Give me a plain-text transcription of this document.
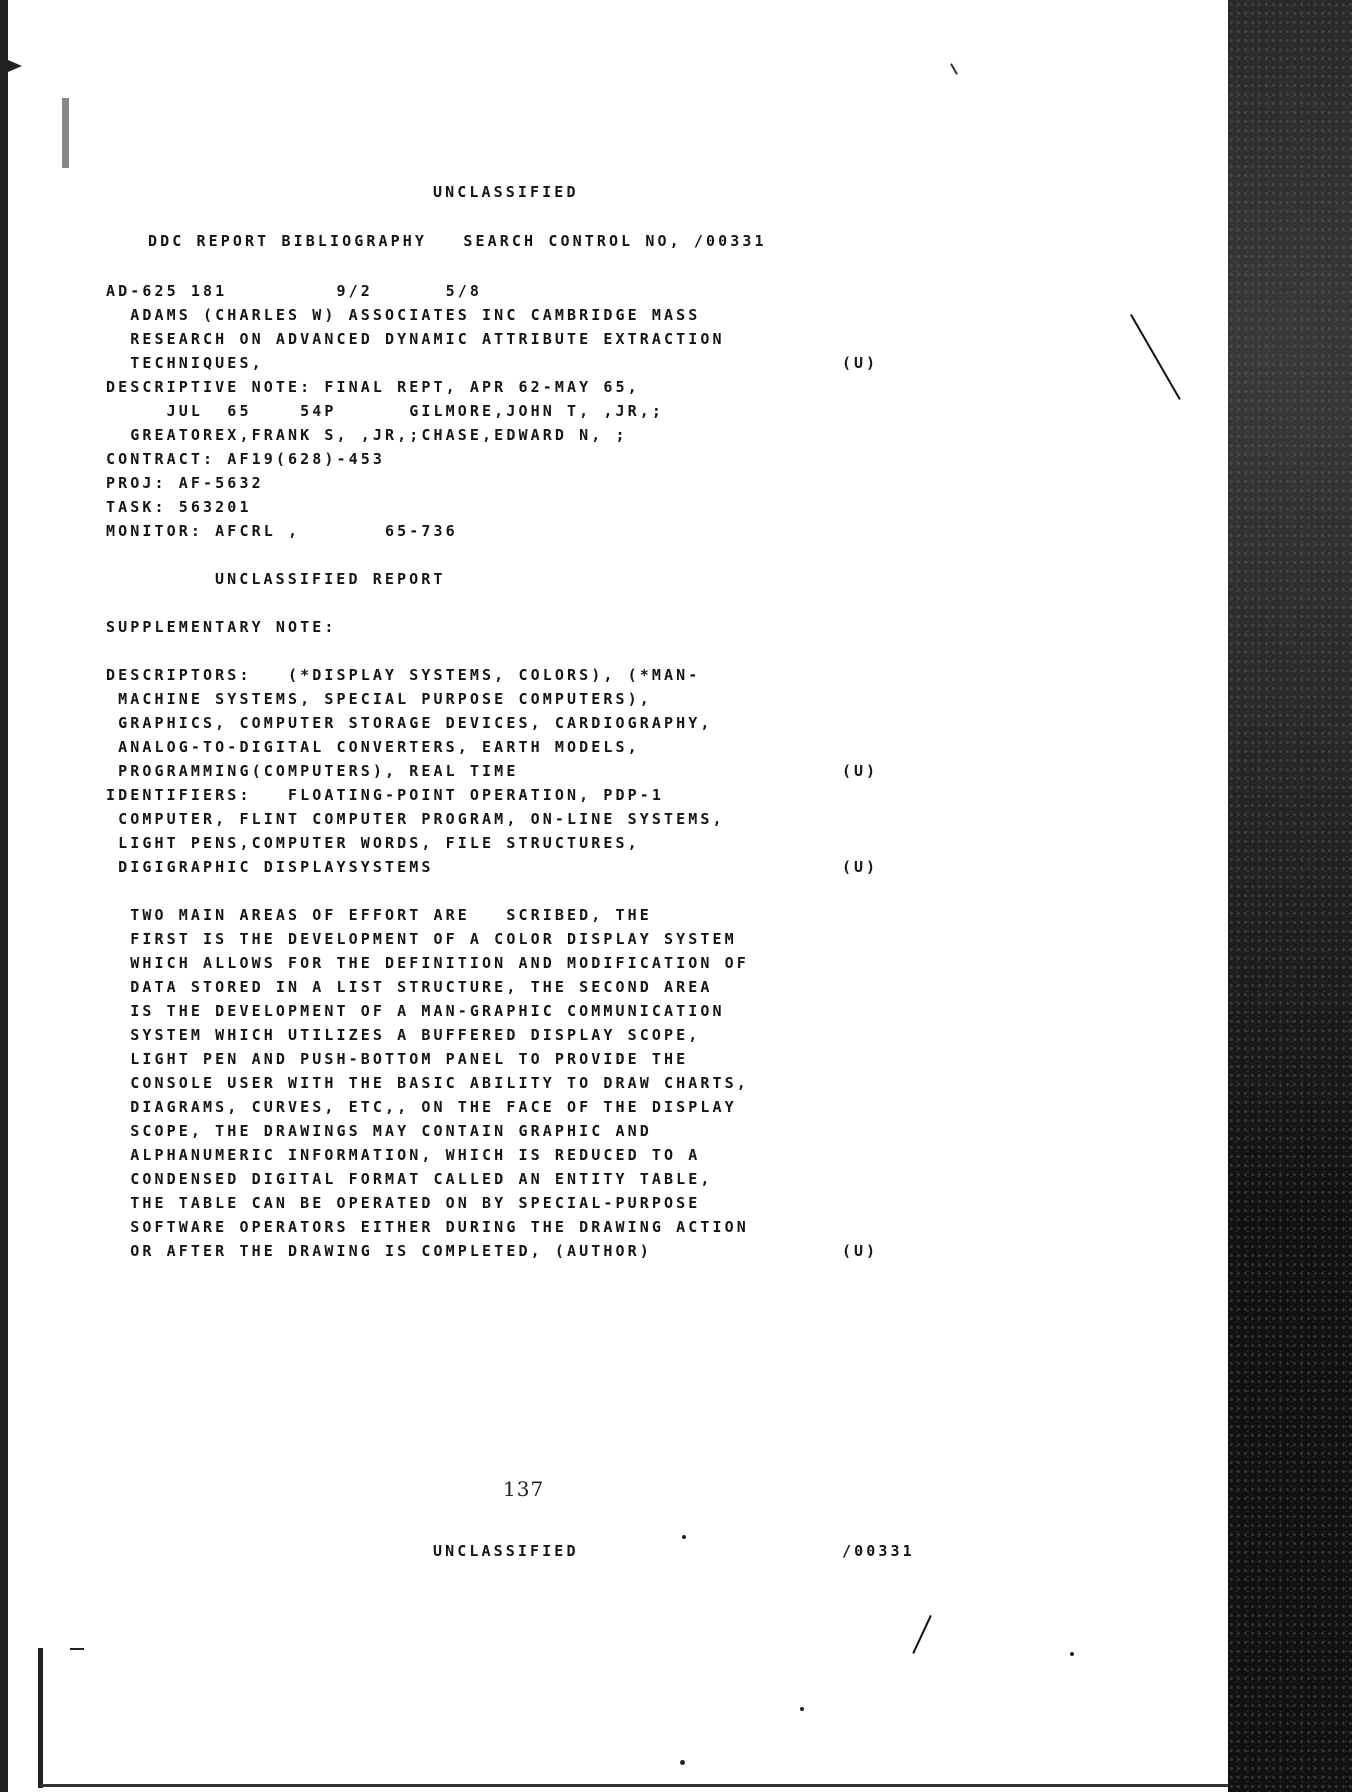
UNCLASSIFIED
DDC REPORT BIBLIOGRAPHY   SEARCH CONTROL NO, /00331
AD-625 181         9/2      5/8
ADAMS (CHARLES W) ASSOCIATES INC CAMBRIDGE MASS
RESEARCH ON ADVANCED DYNAMIC ATTRIBUTE EXTRACTION
TECHNIQUES,	(U)
DESCRIPTIVE NOTE: FINAL REPT, APR 62-MAY 65,
JUL  65    54P      GILMORE,JOHN T, ,JR,;
GREATOREX,FRANK S, ,JR,;CHASE,EDWARD N, ;
CONTRACT: AF19(628)-453
PROJ: AF-5632
TASK: 563201
MONITOR: AFCRL ,       65-736
UNCLASSIFIED REPORT
SUPPLEMENTARY NOTE:
DESCRIPTORS:   (*DISPLAY SYSTEMS, COLORS), (*MAN-
MACHINE SYSTEMS, SPECIAL PURPOSE COMPUTERS),
GRAPHICS, COMPUTER STORAGE DEVICES, CARDIOGRAPHY,
ANALOG-TO-DIGITAL CONVERTERS, EARTH MODELS,
PROGRAMMING(COMPUTERS), REAL TIME	(U)
IDENTIFIERS:   FLOATING-POINT OPERATION, PDP-1
COMPUTER, FLINT COMPUTER PROGRAM, ON-LINE SYSTEMS,
LIGHT PENS,COMPUTER WORDS, FILE STRUCTURES,
DIGIGRAPHIC DISPLAYSYSTEMS	(U)
TWO MAIN AREAS OF EFFORT ARE   SCRIBED, THE
FIRST IS THE DEVELOPMENT OF A COLOR DISPLAY SYSTEM
WHICH ALLOWS FOR THE DEFINITION AND MODIFICATION OF
DATA STORED IN A LIST STRUCTURE, THE SECOND AREA
IS THE DEVELOPMENT OF A MAN-GRAPHIC COMMUNICATION
SYSTEM WHICH UTILIZES A BUFFERED DISPLAY SCOPE,
LIGHT PEN AND PUSH-BOTTOM PANEL TO PROVIDE THE
CONSOLE USER WITH THE BASIC ABILITY TO DRAW CHARTS,
DIAGRAMS, CURVES, ETC,, ON THE FACE OF THE DISPLAY
SCOPE, THE DRAWINGS MAY CONTAIN GRAPHIC AND
ALPHANUMERIC INFORMATION, WHICH IS REDUCED TO A
CONDENSED DIGITAL FORMAT CALLED AN ENTITY TABLE,
THE TABLE CAN BE OPERATED ON BY SPECIAL-PURPOSE
SOFTWARE OPERATORS EITHER DURING THE DRAWING ACTION
OR AFTER THE DRAWING IS COMPLETED, (AUTHOR)	(U)
137
UNCLASSIFIED	/00331
